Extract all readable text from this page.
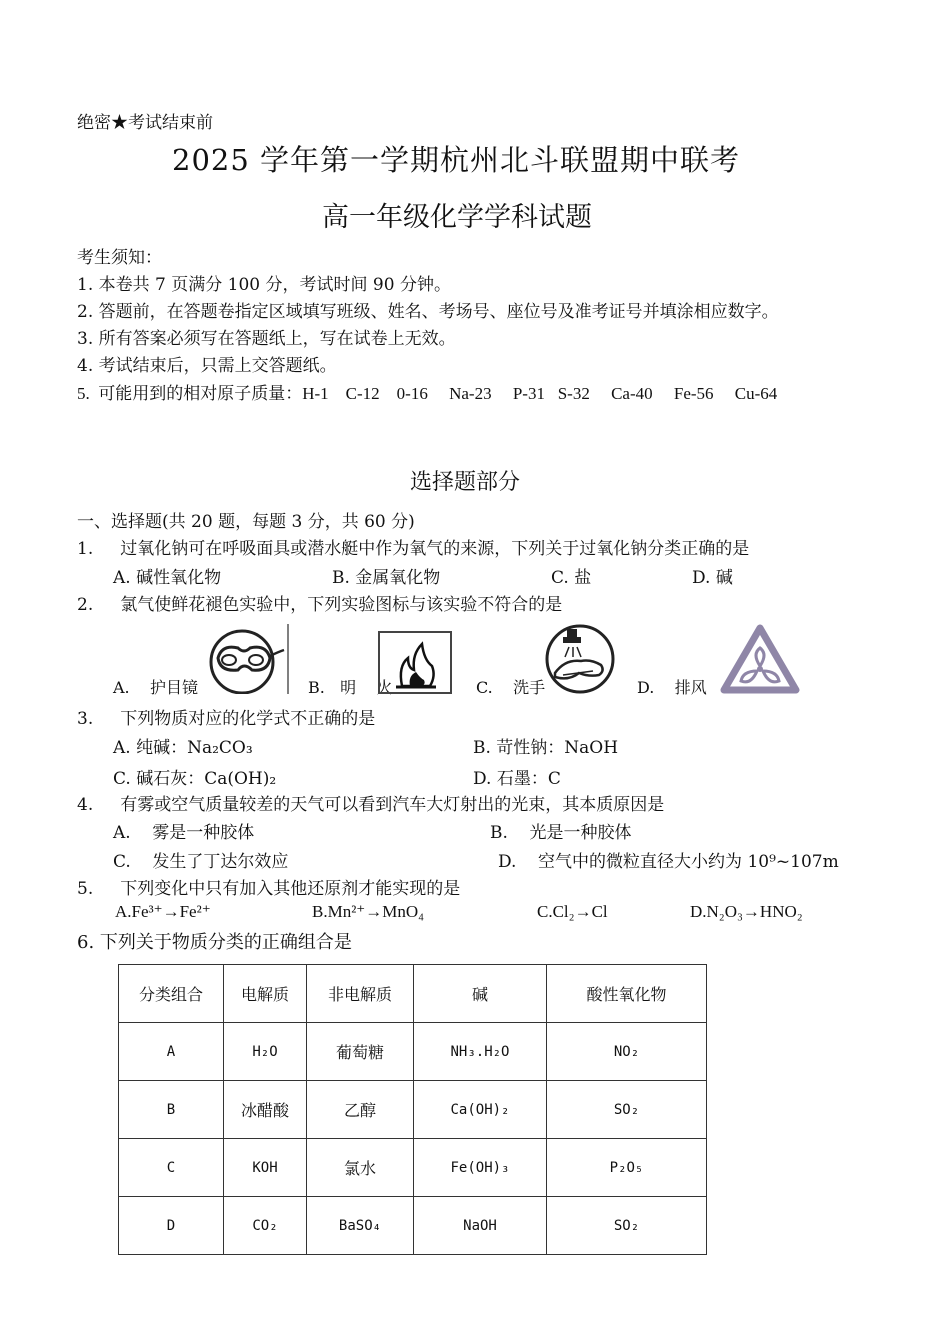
绝密★考试结束前
2025 学年第一学期杭州北斗联盟期中联考
高一年级化学学科试题
考生须知：
1. 本卷共 7 页满分 100 分，考试时间 90 分钟。
2. 答题前，在答题卷指定区域填写班级、姓名、考场号、座位号及准考证号并填涂相应数字。
3. 所有答案必须写在答题纸上，写在试卷上无效。
4. 考试结束后，只需上交答题纸。
5.  可能用到的相对原子质量：H-1    C-12    0-16     Na-23     P-31   S-32     Ca-40     Fe-56     Cu-64
选择题部分
一、选择题(共 20 题，每题 3 分，共 60 分)
1.     过氧化钠可在呼吸面具或潜水艇中作为氧气的来源，下列关于过氧化钠分类正确的是
A. 碱性氧化物	B. 金属氧化物	C. 盐	D. 碱
2.     氯气使鲜花褪色实验中，下列实验图标与该实验不符合的是
A.    护目镜	B.   明    火	C.    洗手	D.    排风
3.     下列物质对应的化学式不正确的是
A. 纯碱：Na₂CO₃	B. 苛性钠：NaOH
C. 碱石灰：Ca(OH)₂	D. 石墨：C
4.     有雾或空气质量较差的天气可以看到汽车大灯射出的光束，其本质原因是
A.    雾是一种胶体	B.    光是一种胶体
C.    发生了丁达尔效应	D.    空气中的微粒直径大小约为 10⁹~107m
5.     下列变化中只有加入其他还原剂才能实现的是
A.Fe³⁺→Fe²⁺	B.Mn²⁺→MnO₄	C.Cl₂→Cl	D.N₂O₃→HNO₂
6. 下列关于物质分类的正确组合是
分类组合	电解质	非电解质	碱	酸性氧化物
A	H₂O	葡萄糖	NH₃.H₂O	NO₂
B	冰醋酸	乙醇	Ca(OH)₂	SO₂
C	KOH	氯水	Fe(OH)₃	P₂O₅
D	CO₂	BaSO₄	NaOH	SO₂
